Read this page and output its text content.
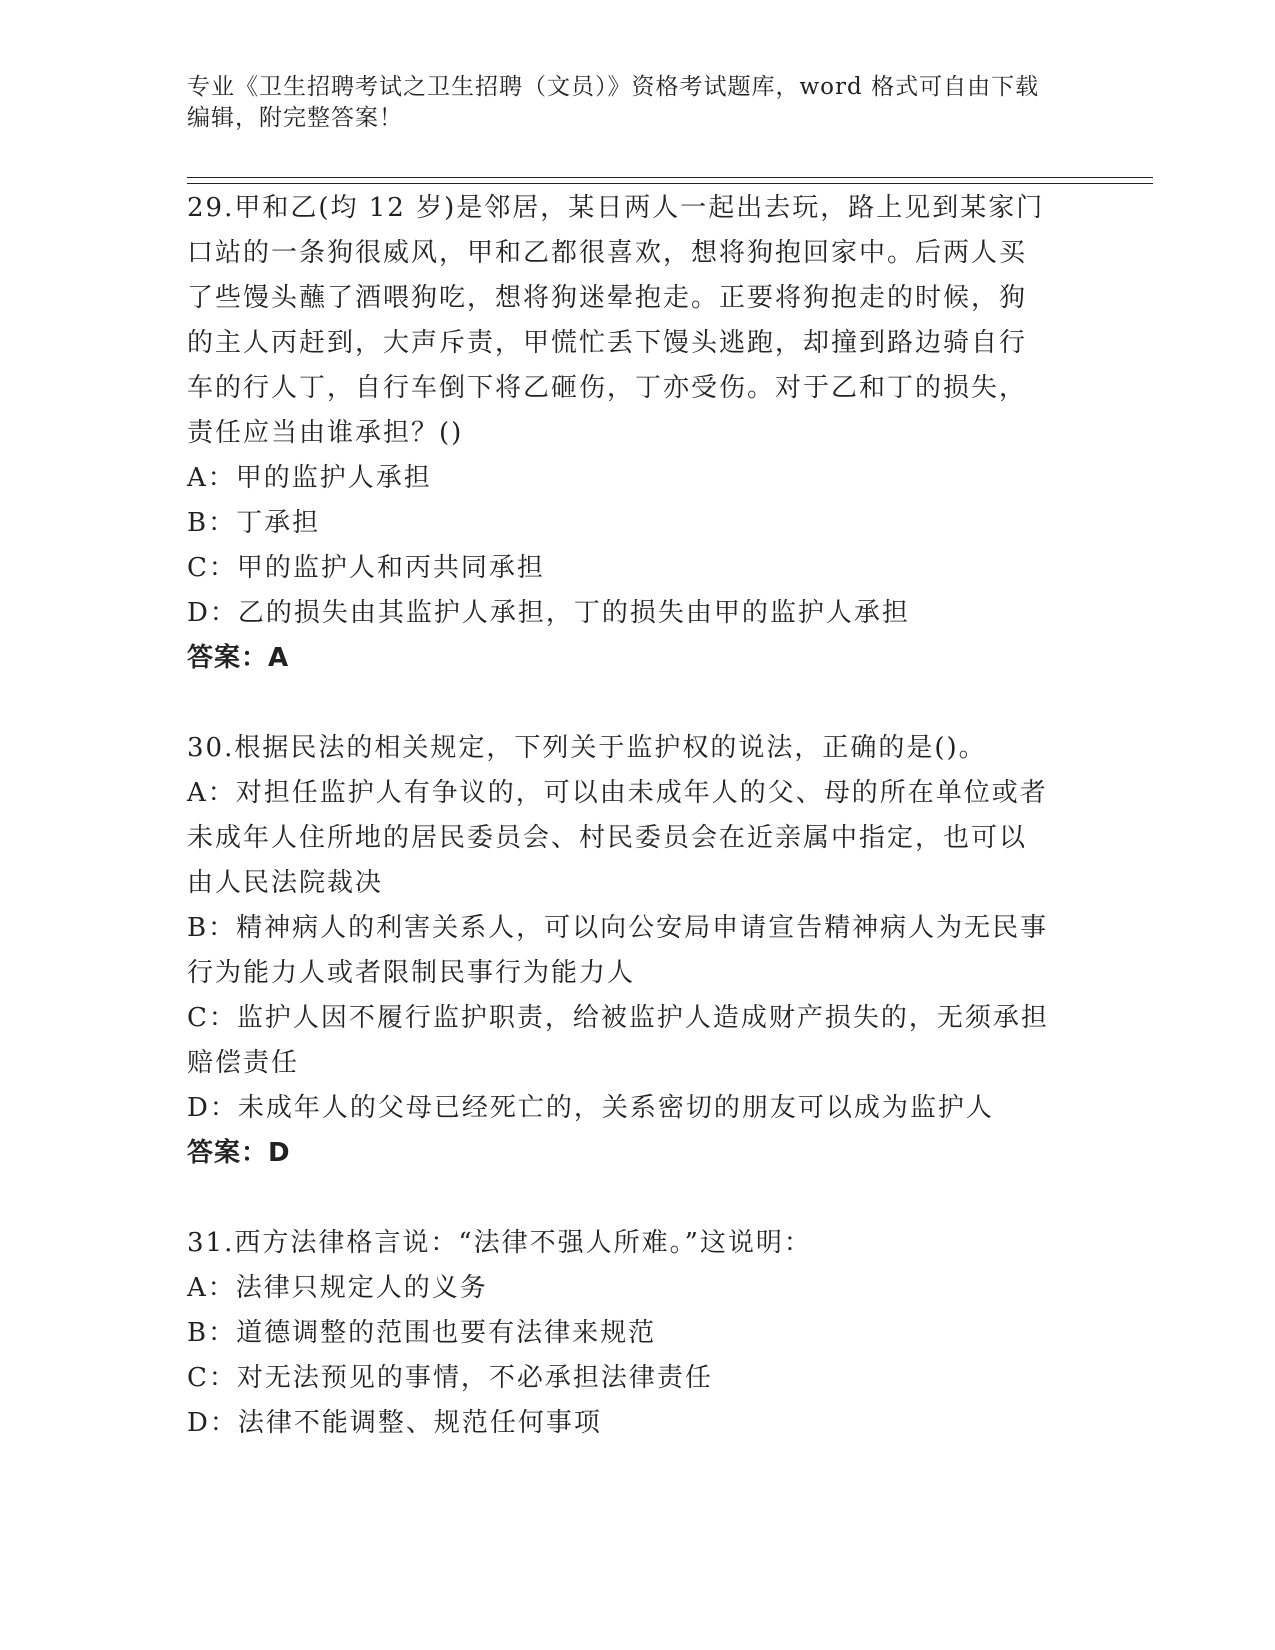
专业《卫生招聘考试之卫生招聘（文员）》资格考试题库，word 格式可自由下载
编辑，附完整答案！
29.甲和乙(均 12 岁)是邻居，某日两人一起出去玩，路上见到某家门
口站的一条狗很威风，甲和乙都很喜欢，想将狗抱回家中。后两人买
了些馒头蘸了酒喂狗吃，想将狗迷晕抱走。正要将狗抱走的时候，狗
的主人丙赶到，大声斥责，甲慌忙丢下馒头逃跑，却撞到路边骑自行
车的行人丁，自行车倒下将乙砸伤，丁亦受伤。对于乙和丁的损失，
责任应当由谁承担？()
A：甲的监护人承担
B：丁承担
C：甲的监护人和丙共同承担
D：乙的损失由其监护人承担，丁的损失由甲的监护人承担
答案：A
30.根据民法的相关规定，下列关于监护权的说法，正确的是()。
A：对担任监护人有争议的，可以由未成年人的父、母的所在单位或者
未成年人住所地的居民委员会、村民委员会在近亲属中指定，也可以
由人民法院裁决
B：精神病人的利害关系人，可以向公安局申请宣告精神病人为无民事
行为能力人或者限制民事行为能力人
C：监护人因不履行监护职责，给被监护人造成财产损失的，无须承担
赔偿责任
D：未成年人的父母已经死亡的，关系密切的朋友可以成为监护人
答案：D
31.西方法律格言说：“法律不强人所难。”这说明：
A：法律只规定人的义务
B：道德调整的范围也要有法律来规范
C：对无法预见的事情，不必承担法律责任
D：法律不能调整、规范任何事项
